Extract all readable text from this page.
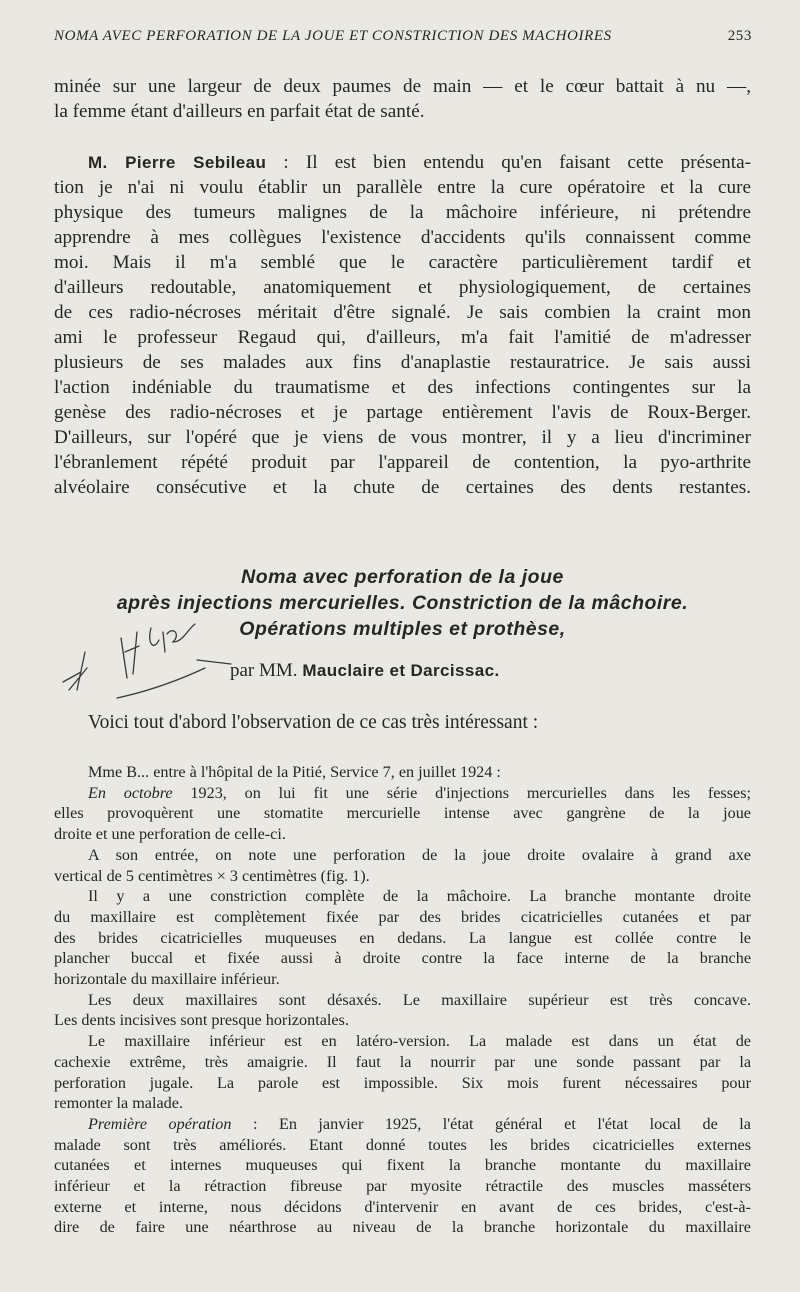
NOMA AVEC PERFORATION DE LA JOUE ET CONSTRICTION DES MACHOIRES	253
minée sur une largeur de deux paumes de main — et le cœur battait à nu —,
la femme étant d'ailleurs en parfait état de santé.
M. Pierre Sebileau : Il est bien entendu qu'en faisant cette présenta-
tion je n'ai ni voulu établir un parallèle entre la cure opératoire et la cure
physique des tumeurs malignes de la mâchoire inférieure, ni prétendre
apprendre à mes collègues l'existence d'accidents qu'ils connaissent comme
moi. Mais il m'a semblé que le caractère particulièrement tardif et
d'ailleurs redoutable, anatomiquement et physiologiquement, de certaines
de ces radio-nécroses méritait d'être signalé. Je sais combien la craint mon
ami le professeur Regaud qui, d'ailleurs, m'a fait l'amitié de m'adresser
plusieurs de ses malades aux fins d'anaplastie restauratrice. Je sais aussi
l'action indéniable du traumatisme et des infections contingentes sur la
genèse des radio-nécroses et je partage entièrement l'avis de Roux-Berger.
D'ailleurs, sur l'opéré que je viens de vous montrer, il y a lieu d'incriminer
l'ébranlement répété produit par l'appareil de contention, la pyo-arthrite
alvéolaire consécutive et la chute de certaines des dents restantes.
Noma avec perforation de la joue
après injections mercurielles. Constriction de la mâchoire.
Opérations multiples et prothèse,
par MM. Mauclaire et Darcissac.
Voici tout d'abord l'observation de ce cas très intéressant :
Mme B... entre à l'hôpital de la Pitié, Service 7, en juillet 1924 :
En octobre 1923, on lui fit une série d'injections mercurielles dans les fesses;
elles provoquèrent une stomatite mercurielle intense avec gangrène de la joue
droite et une perforation de celle-ci.
A son entrée, on note une perforation de la joue droite ovalaire à grand axe
vertical de 5 centimètres × 3 centimètres (fig. 1).
Il y a une constriction complète de la mâchoire. La branche montante droite
du maxillaire est complètement fixée par des brides cicatricielles cutanées et par
des brides cicatricielles muqueuses en dedans. La langue est collée contre le
plancher buccal et fixée aussi à droite contre la face interne de la branche
horizontale du maxillaire inférieur.
Les deux maxillaires sont désaxés. Le maxillaire supérieur est très concave.
Les dents incisives sont presque horizontales.
Le maxillaire inférieur est en latéro-version. La malade est dans un état de
cachexie extrême, très amaigrie. Il faut la nourrir par une sonde passant par la
perforation jugale. La parole est impossible. Six mois furent nécessaires pour
remonter la malade.
Première opération : En janvier 1925, l'état général et l'état local de la
malade sont très améliorés. Etant donné toutes les brides cicatricielles externes
cutanées et internes muqueuses qui fixent la branche montante du maxillaire
inférieur et la rétraction fibreuse par myosite rétractile des muscles masséters
externe et interne, nous décidons d'intervenir en avant de ces brides, c'est-à-
dire de faire une néarthrose au niveau de la branche horizontale du maxillaire
